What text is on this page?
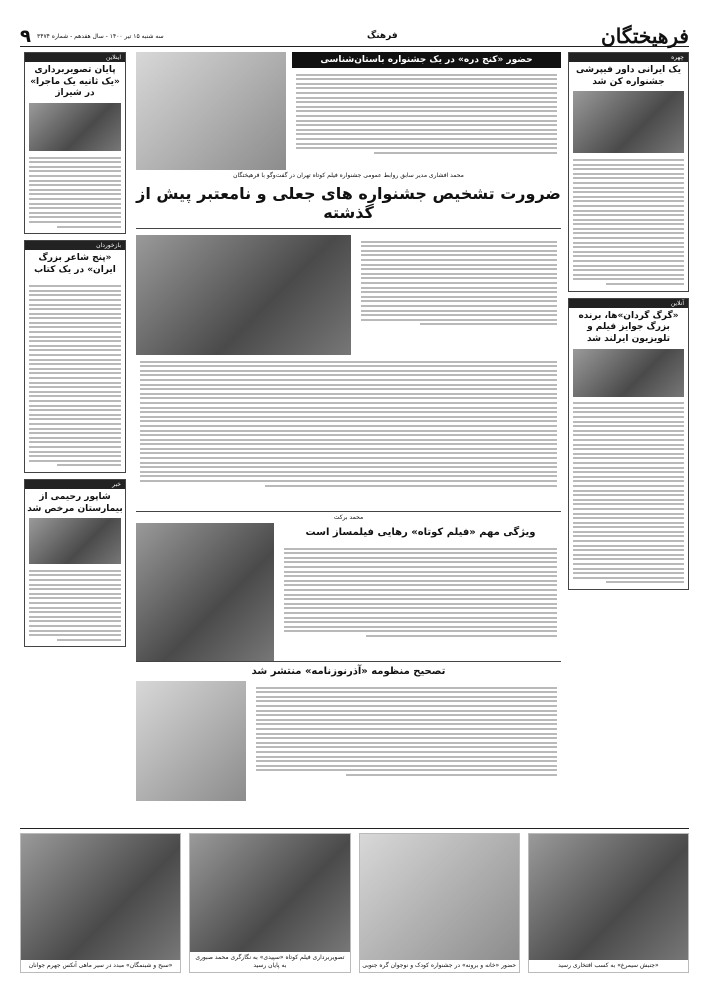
فرهیختگان
فرهنگ
سه شنبه ۱۵ تیر ۱۴۰۰ - سال هفدهم - شماره ۳۴۷۴
۹
چهره
یک ایرانی داور فیپرشی جشنواره کن شد
آنلاین
«گرگ گردان»ها، برنده بزرگ جوایز فیلم و تلویزیون ایرلند شد
اینلاین
پایان تصویربرداری «یک ثانیه یک ماجرا» در شیراز
بازخوردان
«پنج شاعر بزرگ ایران» در یک کتاب
خبر
شاپور رحیمی از بیمارستان مرخص شد
حضور «کنج دره» در یک جشنواره باستان‌شناسی
محمد افشاری مدیر سابق روابط عمومی جشنواره فیلم کوتاه تهران در گفت‌وگو با فرهیختگان
ضرورت تشخیص جشنواره های جعلی و نامعتبر پیش از گذشته
محمد برکت
ویژگی مهم «فیلم کوتاه» رهایی فیلمساز است
تصحیح منظومه «آذرنوزنامه» منتشر شد
«جنبش سیمرغ» به کسب افتخاری رسید
حضور «خانه و برونه» در جشنواره کودک و نوجوان گره جنوبی
تصویربرداری فیلم کوتاه «سپیدی» به نگارگری محمد صبوری به پایان رسید
«سبح و شبنمگان» مبدد در سیر ماهی آنکس جهرم جوانان
